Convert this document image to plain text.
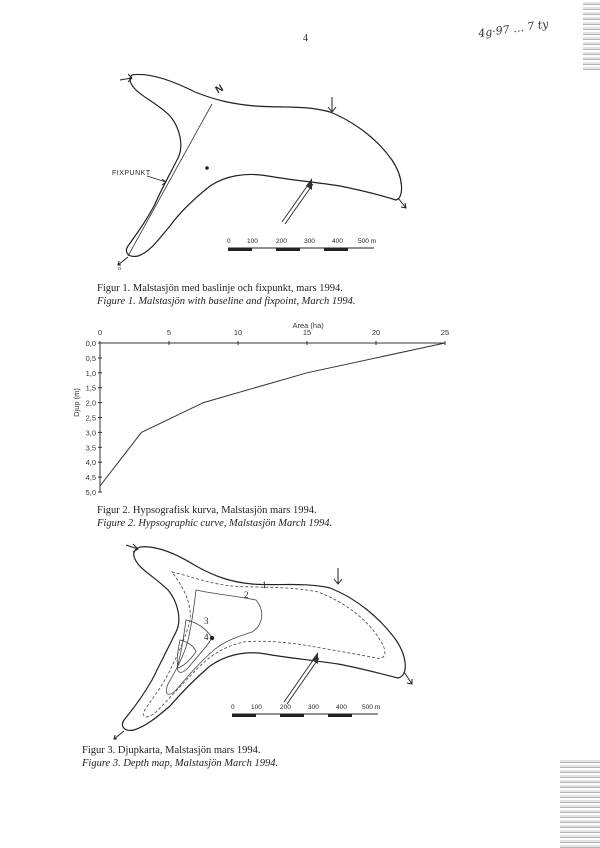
4	4g·97 … 7 ty
FIXPUNKT
N
0	100	200	300	400 500 m
o
Figur 1. Malstasjön med baslinje och fixpunkt, mars 1994.
Figure 1. Malstasjön with baseline and fixpoint, March 1994.
0	5	10	15	20	25
0,0
0,5
1,0
1,5
2,0
2,5
3,0
3,5
4,0
4,5
5,0
Area (ha)
Djup (m)
Figur 2. Hypsografisk kurva, Malstasjön mars 1994.
Figure 2. Hypsographic curve, Malstasjön March 1994.
1
2
3
4
0	100	200	300	400 500 m
Figur 3. Djupkarta, Malstasjön mars 1994.
Figure 3. Depth map, Malstasjön March 1994.
